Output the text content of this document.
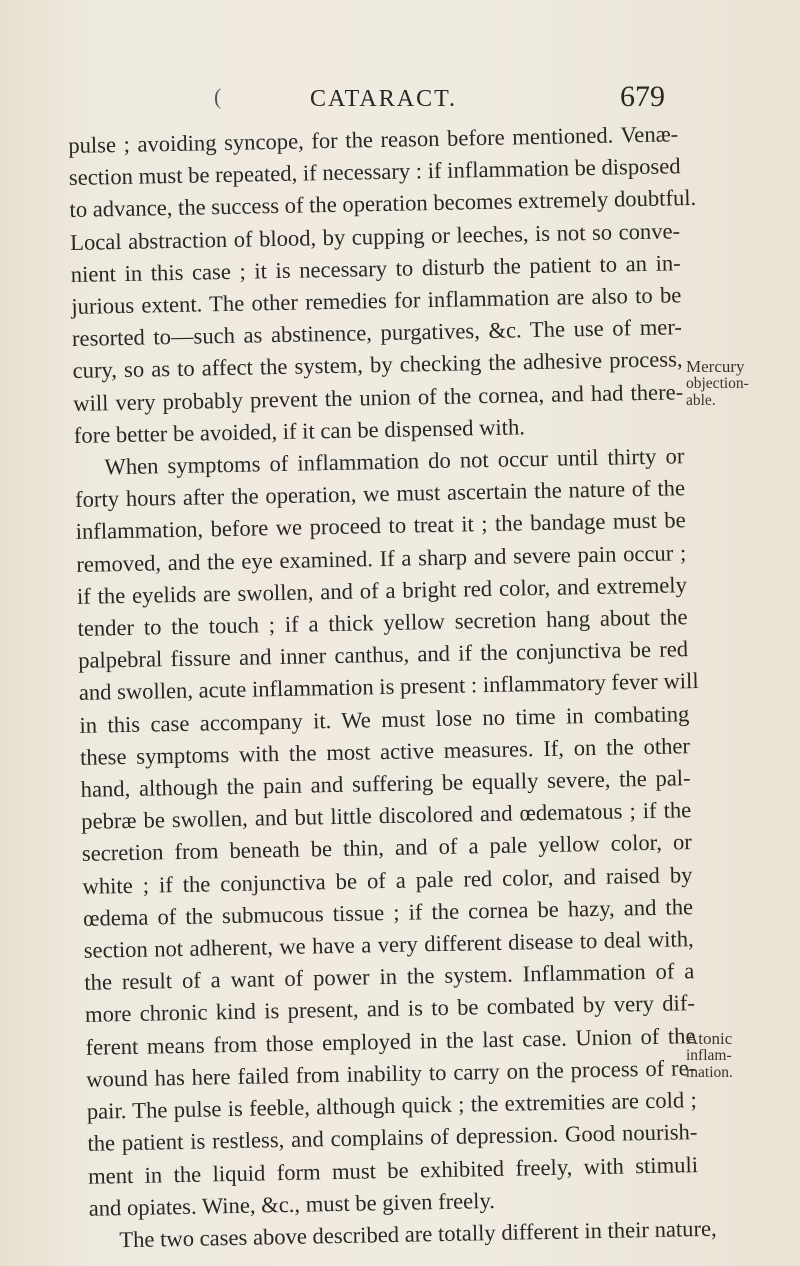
(	CATARACT.	679
pulse ; avoiding syncope, for the reason before mentioned. Venæ-
section must be repeated, if necessary : if inflammation be disposed
to advance, the success of the operation becomes extremely doubtful.
Local abstraction of blood, by cupping or leeches, is not so conve-
nient in this case ; it is necessary to disturb the patient to an in-
jurious extent. The other remedies for inflammation are also to be
resorted to—such as abstinence, purgatives, &c. The use of mer-
cury, so as to affect the system, by checking the adhesive process,
will very probably prevent the union of the cornea, and had there-
fore better be avoided, if it can be dispensed with.
When symptoms of inflammation do not occur until thirty or
forty hours after the operation, we must ascertain the nature of the
inflammation, before we proceed to treat it ; the bandage must be
removed, and the eye examined. If a sharp and severe pain occur ;
if the eyelids are swollen, and of a bright red color, and extremely
tender to the touch ; if a thick yellow secretion hang about the
palpebral fissure and inner canthus, and if the conjunctiva be red
and swollen, acute inflammation is present : inflammatory fever will
in this case accompany it. We must lose no time in combating
these symptoms with the most active measures. If, on the other
hand, although the pain and suffering be equally severe, the pal-
pebræ be swollen, and but little discolored and œdematous ; if the
secretion from beneath be thin, and of a pale yellow color, or
white ; if the conjunctiva be of a pale red color, and raised by
œdema of the submucous tissue ; if the cornea be hazy, and the
section not adherent, we have a very different disease to deal with,
the result of a want of power in the system. Inflammation of a
more chronic kind is present, and is to be combated by very dif-
ferent means from those employed in the last case. Union of the
wound has here failed from inability to carry on the process of re-
pair. The pulse is feeble, although quick ; the extremities are cold ;
the patient is restless, and complains of depression. Good nourish-
ment in the liquid form must be exhibited freely, with stimuli
and opiates. Wine, &c., must be given freely.
The two cases above described are totally different in their nature,
Mercury
objection-
able.
Atonic
inflam-
mation.
